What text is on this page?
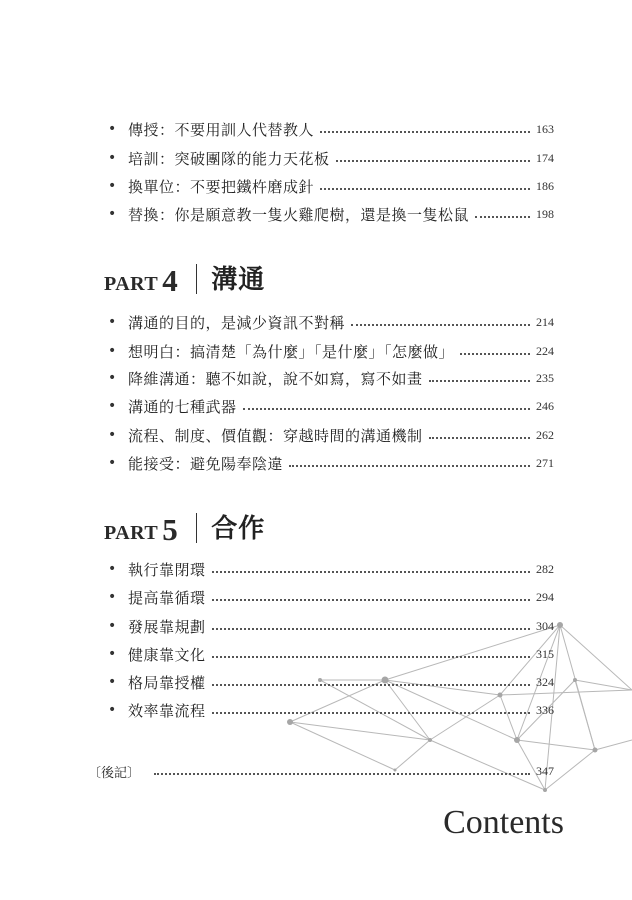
• 傳授：不要用訓人代替教人	163
• 培訓：突破團隊的能力天花板	174
• 換單位：不要把鐵杵磨成針	186
• 替換：你是願意教一隻火雞爬樹，還是換一隻松鼠	198
PART 4 溝通
• 溝通的目的，是減少資訊不對稱	214
• 想明白：搞清楚「為什麼」「是什麼」「怎麼做」	224
• 降維溝通：聽不如說，說不如寫，寫不如畫	235
• 溝通的七種武器	246
• 流程、制度、價值觀：穿越時間的溝通機制	262
• 能接受：避免陽奉陰違	271
PART 5 合作
• 執行靠閉環	282
• 提高靠循環	294
• 發展靠規劃	304
• 健康靠文化	315
• 格局靠授權	324
• 效率靠流程	336
〔後記〕	347
Contents
